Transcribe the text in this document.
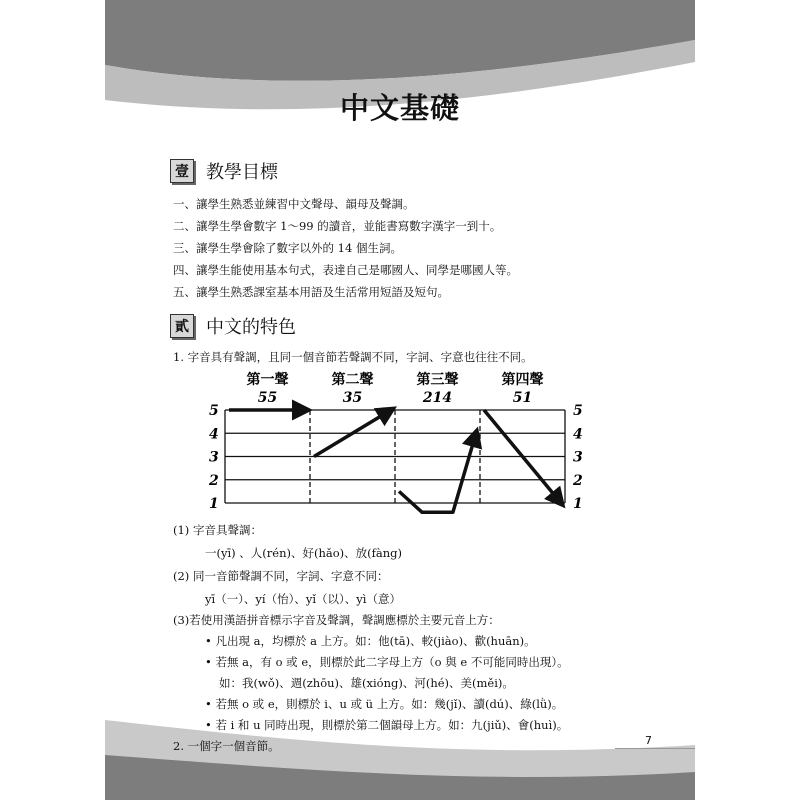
中文基礎
壹 教學目標
一、讓學生熟悉並練習中文聲母、韻母及聲調。
二、讓學生學會數字 1～99 的讀音，並能書寫數字漢字一到十。
三、讓學生學會除了數字以外的 14 個生詞。
四、讓學生能使用基本句式，表達自己是哪國人、同學是哪國人等。
五、讓學生熟悉課室基本用語及生活常用短語及短句。
貳 中文的特色
1. 字音具有聲調，且同一個音節若聲調不同，字詞、字意也往往不同。
5
4
3
2
1
5
4
3
2
1
第一聲
55
第二聲
35
第三聲
214
第四聲
51
(1) 字音具聲調：
一(yī) 、人(rén)、好(hǎo)、放(fàng)
(2) 同一音節聲調不同，字詞、字意不同：
yī（一）、yí（怡）、yǐ（以）、yì（意）
(3)若使用漢語拼音標示字音及聲調，聲調應標於主要元音上方：
• 凡出現 a，均標於 a 上方。如：他(tā)、較(jiào)、歡(huān)。
• 若無 a，有 o 或 e，則標於此二字母上方（o 與 e 不可能同時出現）。
如：我(wǒ)、週(zhōu)、雄(xióng)、河(hé)、美(měi)。
• 若無 o 或 e，則標於 i、u 或 ü 上方。如：幾(jǐ)、讀(dú)、綠(lǜ)。
• 若 i 和 u 同時出現，則標於第二個韻母上方。如：九(jiǔ)、會(huì)。
2. 一個字一個音節。	7
